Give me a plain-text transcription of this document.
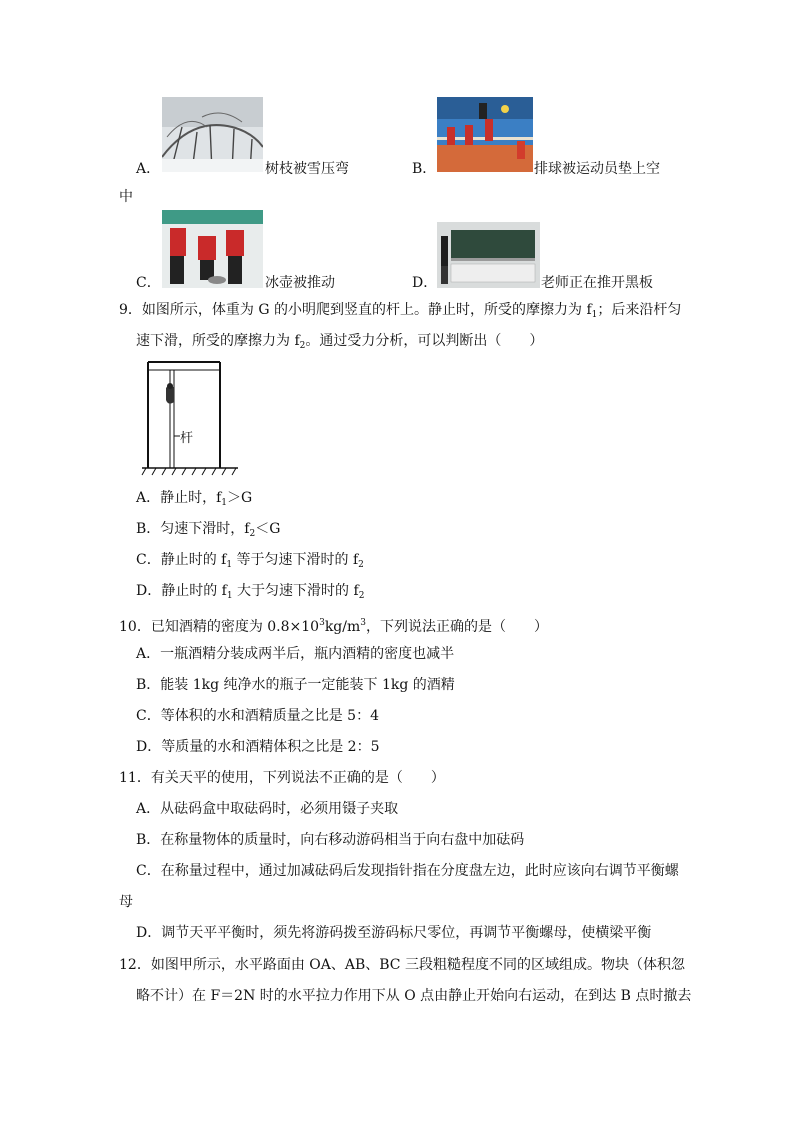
A．	树枝被雪压弯	B．	排球被运动员垫上空
中
C．	冰壶被推动	D．	老师正在推开黑板
9．如图所示，体重为 G 的小明爬到竖直的杆上。静止时，所受的摩擦力为 $f_1$；后来沿杆匀
速下滑，所受的摩擦力为 $f_2$。通过受力分析，可以判断出（　　）
杆
A．静止时，$f_1>G$
B．匀速下滑时，$f_2<G$
C．静止时的 $f_1$ 等于匀速下滑时的 $f_2$
D．静止时的 $f_1$ 大于匀速下滑时的 $f_2$
10．已知酒精的密度为 $0.8\times 10^3kg/m^3$，下列说法正确的是（　　）
A．一瓶酒精分装成两半后，瓶内酒精的密度也减半
B．能装 1kg 纯净水的瓶子一定能装下 1kg 的酒精
C．等体积的水和酒精质量之比是 5：4
D．等质量的水和酒精体积之比是 2：5
11．有关天平的使用，下列说法不正确的是（　　）
A．从砝码盒中取砝码时，必须用镊子夹取
B．在称量物体的质量时，向右移动游码相当于向右盘中加砝码
C．在称量过程中，通过加减砝码后发现指针指在分度盘左边，此时应该向右调节平衡螺
母
D．调节天平平衡时，须先将游码拨至游码标尺零位，再调节平衡螺母，使横梁平衡
12．如图甲所示，水平路面由 OA、AB、BC 三段粗糙程度不同的区域组成。物块（体积忽
略不计）在 F＝2N 时的水平拉力作用下从 O 点由静止开始向右运动，在到达 B 点时撤去
